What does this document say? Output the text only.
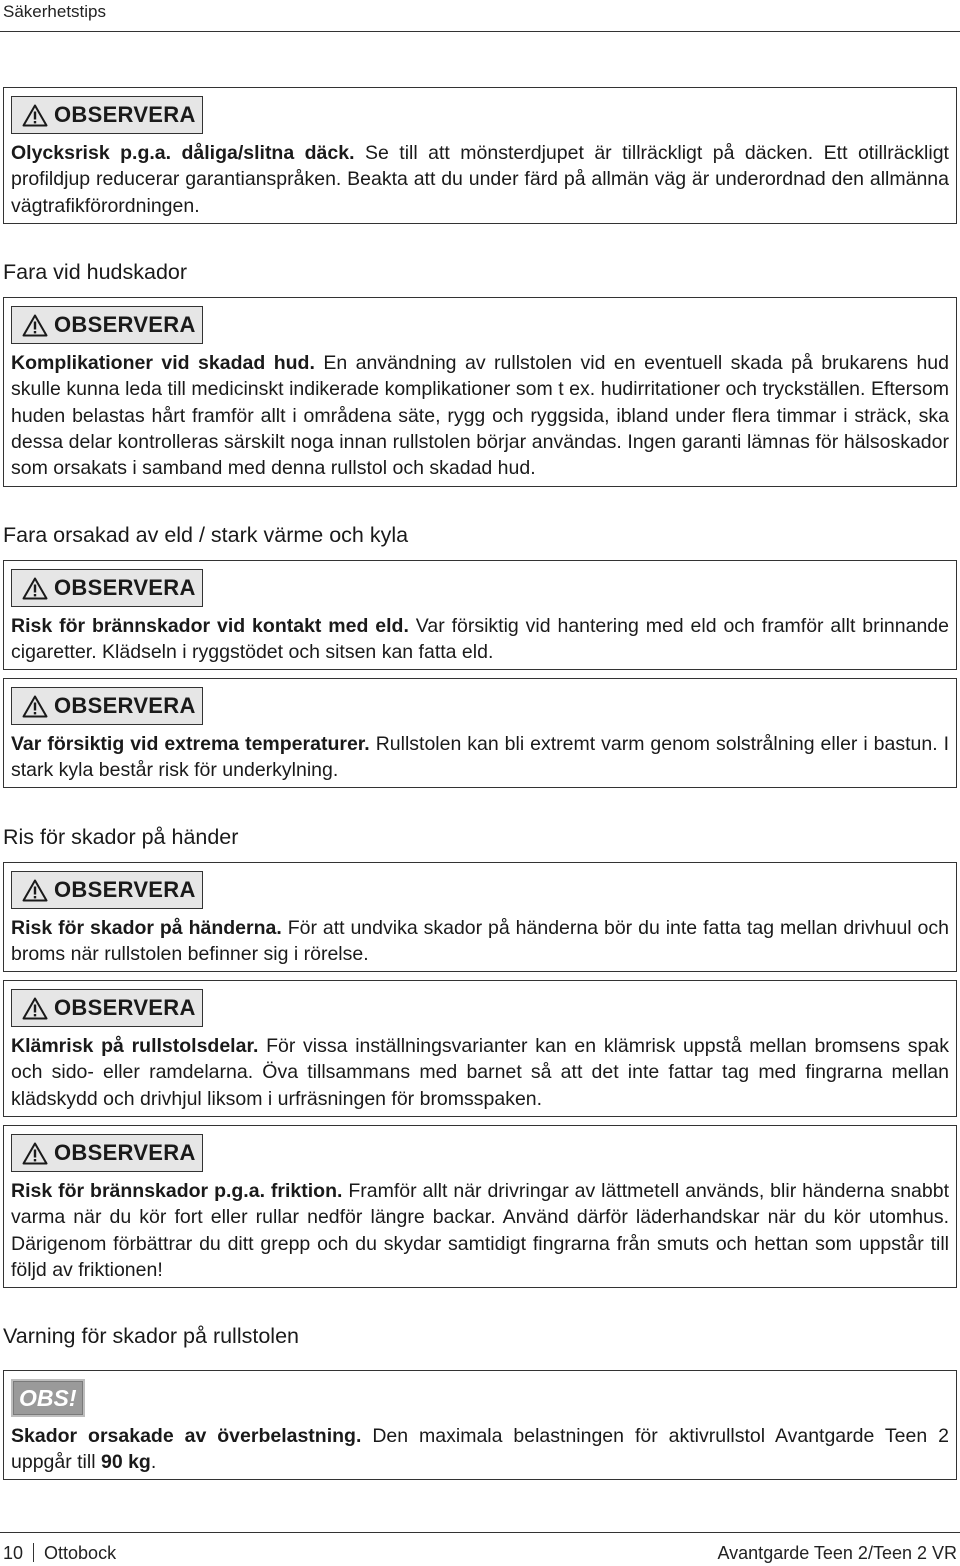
Säkerhetstips
OBSERVERA

Olycksrisk p.g.a. dåliga/slitna däck. Se till att mönsterdjupet är tillräckligt på däcken. Ett otillräckligt profildjup reducerar garantianspråken. Beakta att du under färd på allmän väg är underordnad den allmänna vägtrafikförordningen.

Fara vid hudskador
OBSERVERA

Komplikationer vid skadad hud. En användning av rullstolen vid en eventuell skada på brukarens hud skulle kunna leda till medicinskt indikerade komplikationer som t ex. hudirritationer och tryckställen. Eftersom huden belastas hårt framför allt i områdena säte, rygg och ryggsida, ibland under flera timmar i sträck, ska dessa delar kontrolleras särskilt noga innan rullstolen börjar användas. Ingen garanti lämnas för hälsoskador som orsakats i samband med denna rullstol och skadad hud.

Fara orsakad av eld / stark värme och kyla
OBSERVERA

Risk för brännskador vid kontakt med eld. Var försiktig vid hantering med eld och framför allt brinnande cigaretter. Klädseln i ryggstödet och sitsen kan fatta eld.

OBSERVERA

Var försiktig vid extrema temperaturer. Rullstolen kan bli extremt varm genom solstrålning eller i bastun. I stark kyla består risk för underkylning.

Ris för skador på händer
OBSERVERA

Risk för skador på händerna. För att undvika skador på händerna bör du inte fatta tag mellan drivhuul och broms när rullstolen befinner sig i rörelse.

OBSERVERA

Klämrisk på rullstolsdelar. För vissa inställningsvarianter kan en klämrisk uppstå mellan bromsens spak och sido- eller ramdelarna. Öva tillsammans med barnet så att det inte fattar tag med fingrarna mellan klädskydd och drivhjul liksom i urfräsningen för bromsspaken.

OBSERVERA

Risk för brännskador p.g.a. friktion. Framför allt när drivringar av lättmetell används, blir händerna snabbt varma när du kör fort eller rullar nedför längre backar. Använd därför läderhandskar när du kör utomhus. Därigenom förbättrar du ditt grepp och du skydar samtidigt fingrarna från smuts och hettan som uppstår till följd av friktionen!

Varning för skador på rullstolen
OBS!

Skador orsakade av överbelastning. Den maximala belastningen för aktivrullstol Avantgarde Teen 2 uppgår till 90 kg.

10 Ottobock	Avantgarde Teen 2/Teen 2 VR
